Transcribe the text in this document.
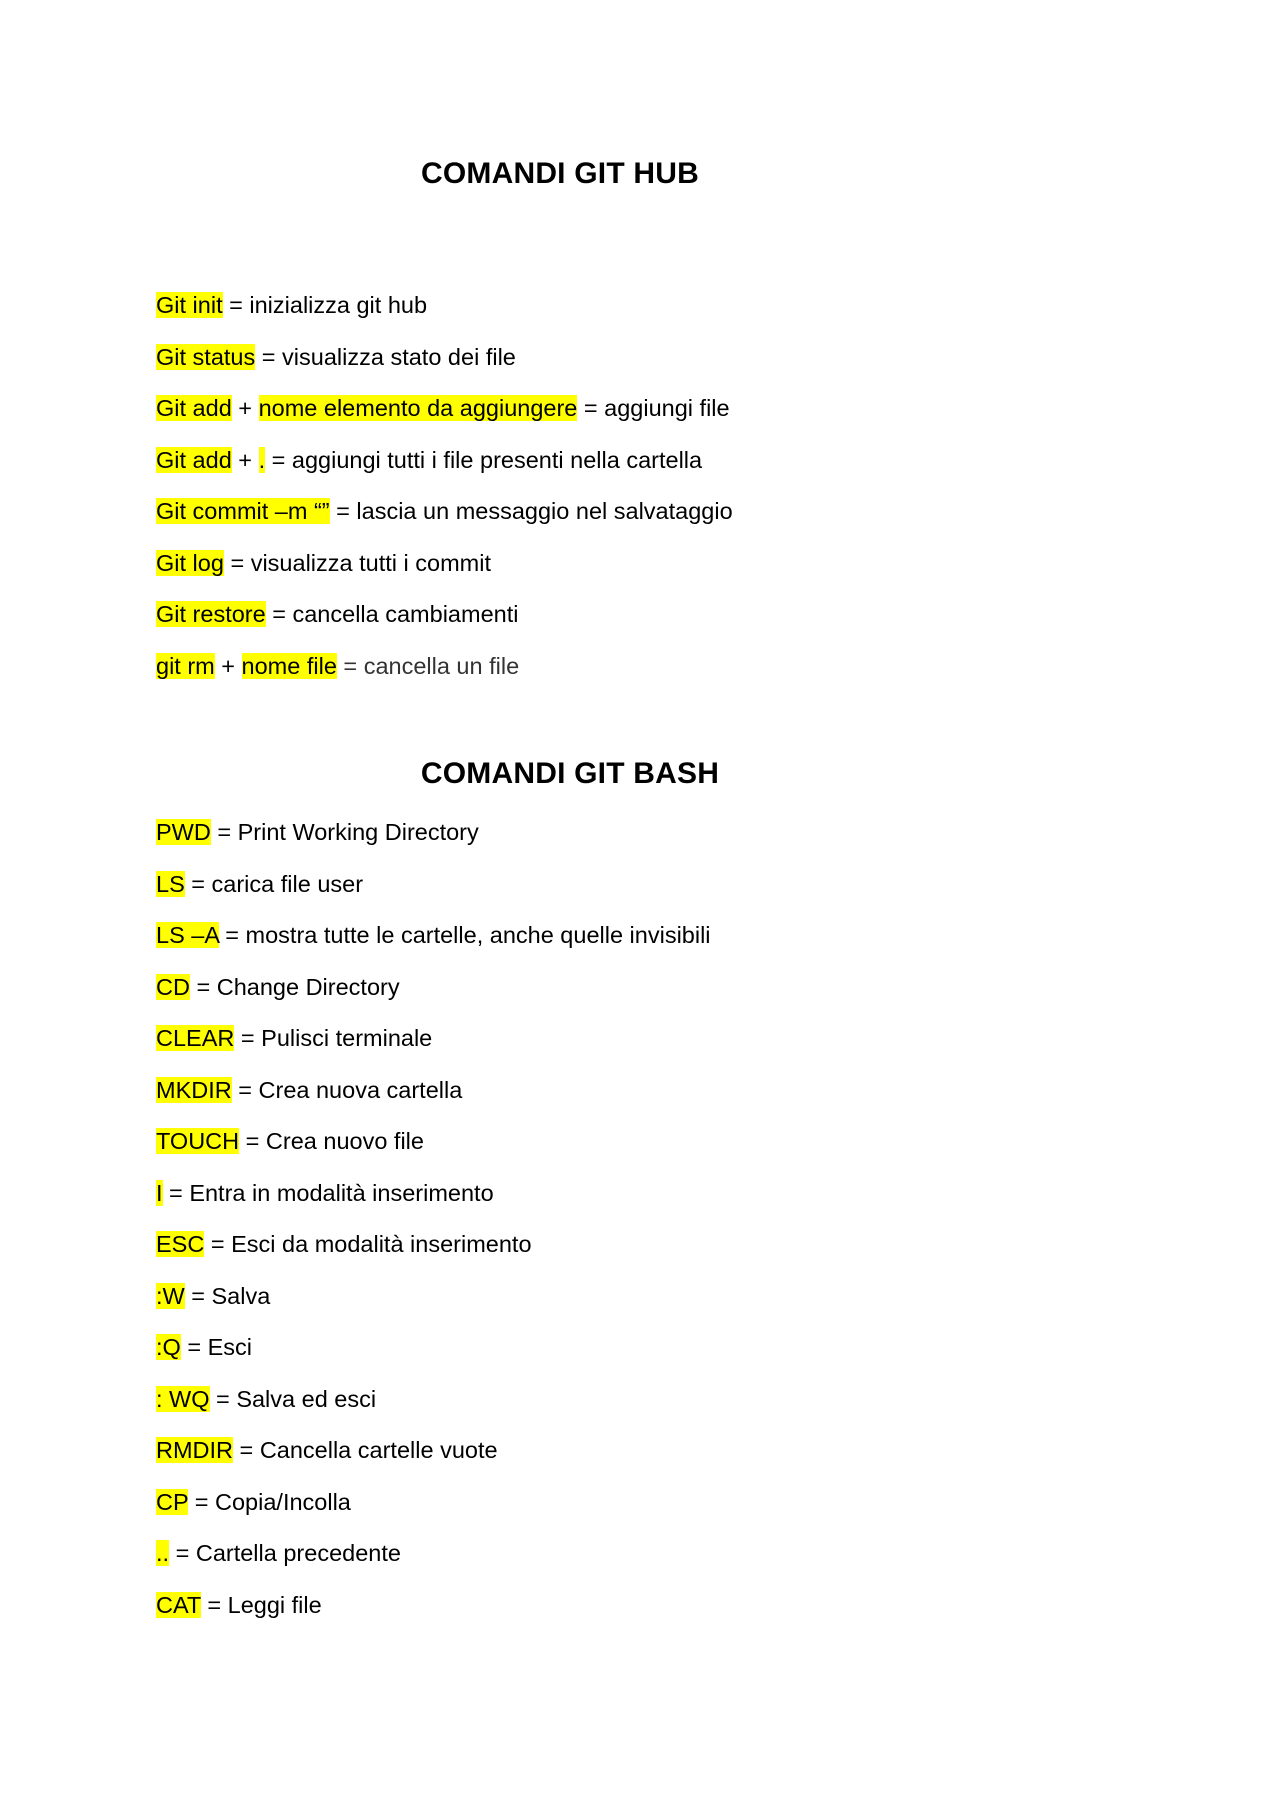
COMANDI GIT HUB
Git init = inizializza git hub
Git status = visualizza stato dei file
Git add + nome elemento da aggiungere = aggiungi file
Git add + . = aggiungi tutti i file presenti nella cartella
Git commit –m “” = lascia un messaggio nel salvataggio
Git log = visualizza tutti i commit
Git restore = cancella cambiamenti
git rm + nome file = cancella un file
COMANDI GIT BASH
PWD = Print Working Directory
LS = carica file user
LS –A = mostra tutte le cartelle, anche quelle invisibili
CD = Change Directory
CLEAR = Pulisci terminale
MKDIR = Crea nuova cartella
TOUCH = Crea nuovo file
I = Entra in modalità inserimento
ESC = Esci da modalità inserimento
:W = Salva
:Q = Esci
: WQ = Salva ed esci
RMDIR = Cancella cartelle vuote
CP = Copia/Incolla
.. = Cartella precedente
CAT = Leggi file
